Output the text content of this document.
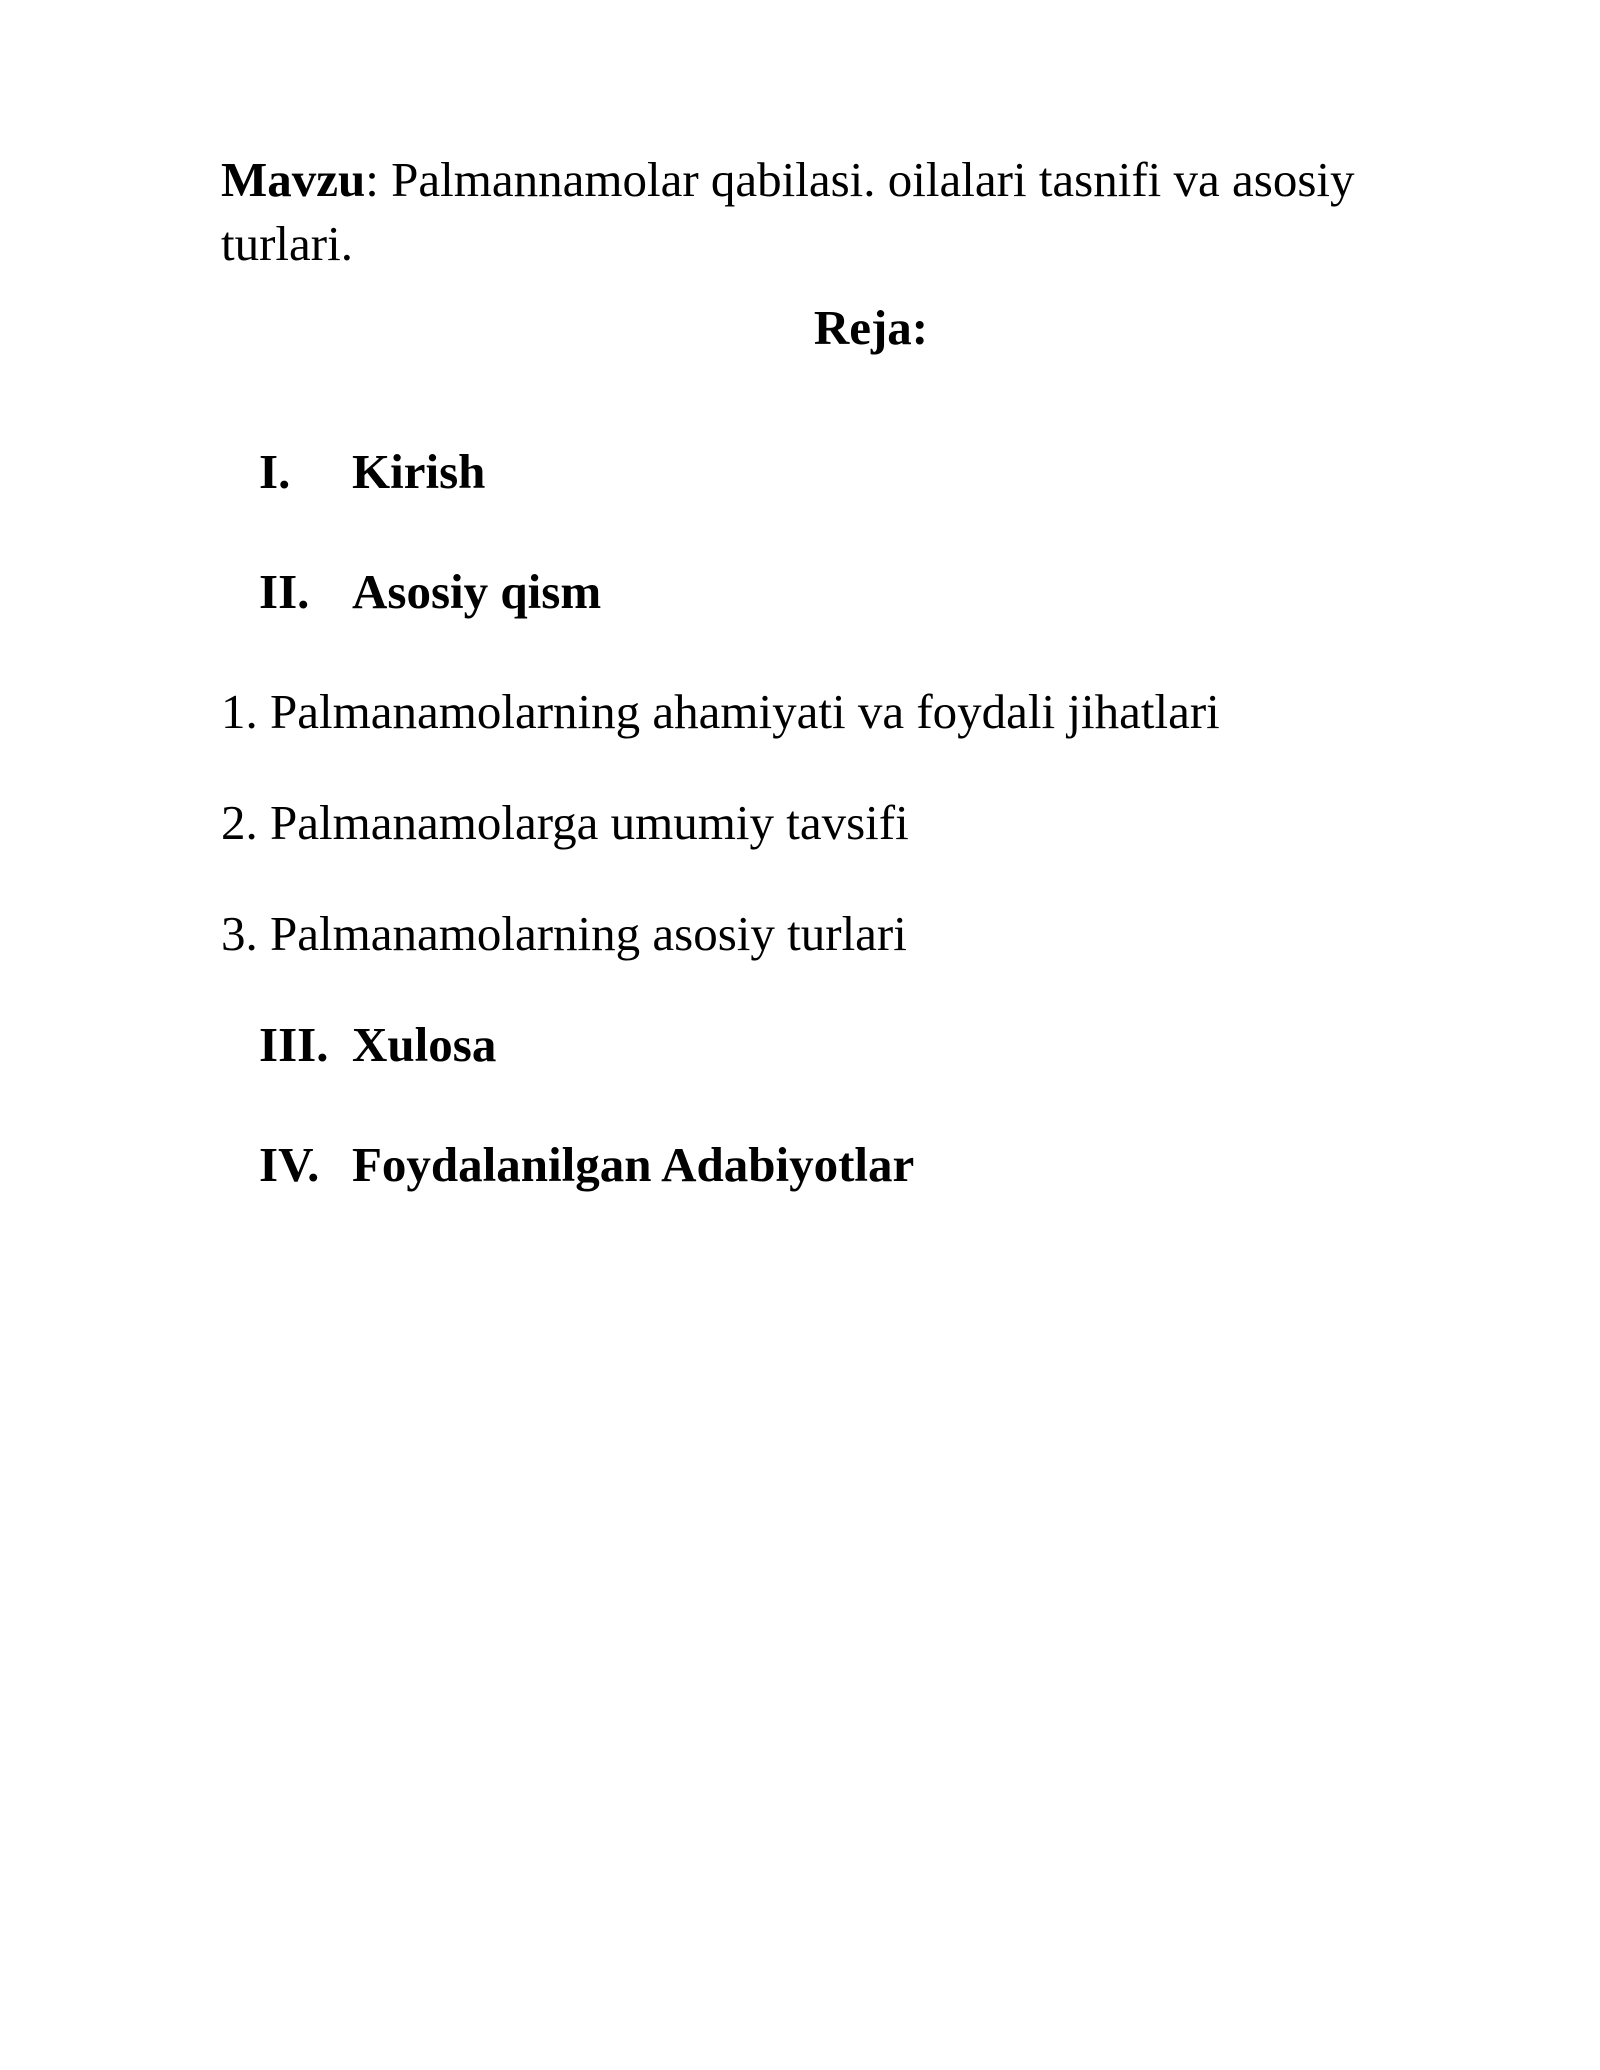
Mavzu: Palmannamolar qabilasi. oilalari tasnifi va asosiy turlari.
Reja:
I. Kirish
II. Asosiy qism
1. Palmanamolarning ahamiyati va foydali jihatlari
2. Palmanamolarga umumiy tavsifi
3. Palmanamolarning asosiy turlari
III. Xulosa
IV. Foydalanilgan Adabiyotlar
